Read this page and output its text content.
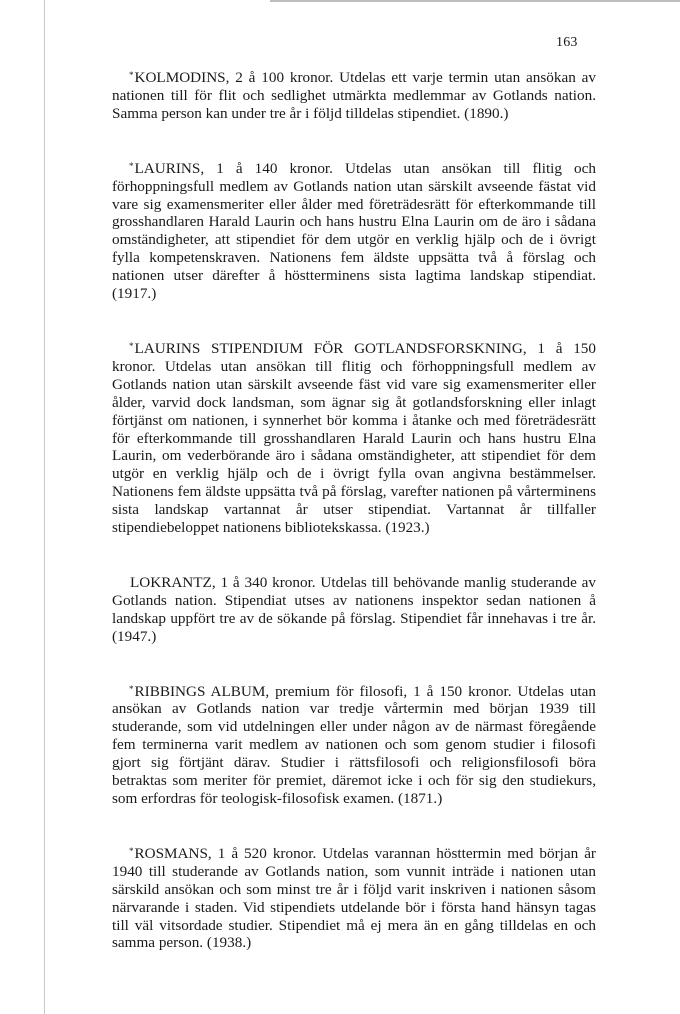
163

*KOLMODINS, 2 å 100 kronor. Utdelas ett varje termin utan ansökan av nationen till för flit och sedlighet utmärkta medlemmar av Gotlands nation. Samma person kan under tre år i följd tilldelas stipendiet. (1890.)

*LAURINS, 1 å 140 kronor. Utdelas utan ansökan till flitig och förhoppningsfull medlem av Gotlands nation utan särskilt avseende fästat vid vare sig examensmeriter eller ålder med företrädesrätt för efterkommande till grosshandlaren Harald Laurin och hans hustru Elna Laurin om de äro i sådana omständigheter, att stipendiet för dem utgör en verklig hjälp och de i övrigt fylla kompetenskraven. Nationens fem äldste uppsätta två å förslag och nationen utser därefter å höstterminens sista lagtima landskap stipendiat. (1917.)

*LAURINS STIPENDIUM FÖR GOTLANDSFORSKNING, 1 å 150 kronor. Utdelas utan ansökan till flitig och förhoppningsfull medlem av Gotlands nation utan särskilt avseende fäst vid vare sig examensmeriter eller ålder, varvid dock landsman, som ägnar sig åt gotlandsforskning eller inlagt förtjänst om nationen, i synnerhet bör komma i åtanke och med företrädesrätt för efterkommande till grosshandlaren Harald Laurin och hans hustru Elna Laurin, om vederbörande äro i sådana omständigheter, att stipendiet för dem utgör en verklig hjälp och de i övrigt fylla ovan angivna bestämmelser. Nationens fem äldste uppsätta två på förslag, varefter nationen på vårterminens sista landskap vartannat år utser stipendiat. Vartannat år tillfaller stipendiebeloppet nationens bibliotekskassa. (1923.)

LOKRANTZ, 1 å 340 kronor. Utdelas till behövande manlig studerande av Gotlands nation. Stipendiat utses av nationens inspektor sedan nationen å landskap uppfört tre av de sökande på förslag. Stipendiet får innehavas i tre år. (1947.)

*RIBBINGS ALBUM, premium för filosofi, 1 å 150 kronor. Utdelas utan ansökan av Gotlands nation var tredje vårtermin med början 1939 till studerande, som vid utdelningen eller under någon av de närmast föregående fem terminerna varit medlem av nationen och som genom studier i filosofi gjort sig förtjänt därav. Studier i rättsfilosofi och religionsfilosofi böra betraktas som meriter för premiet, däremot icke i och för sig den studiekurs, som erfordras för teologisk-filosofisk examen. (1871.)

*ROSMANS, 1 å 520 kronor. Utdelas varannan hösttermin med början år 1940 till studerande av Gotlands nation, som vunnit inträde i nationen utan särskild ansökan och som minst tre år i följd varit inskriven i nationen såsom närvarande i staden. Vid stipendiets utdelande bör i första hand hänsyn tagas till väl vitsordade studier. Stipendiet må ej mera än en gång tilldelas en och samma person. (1938.)
